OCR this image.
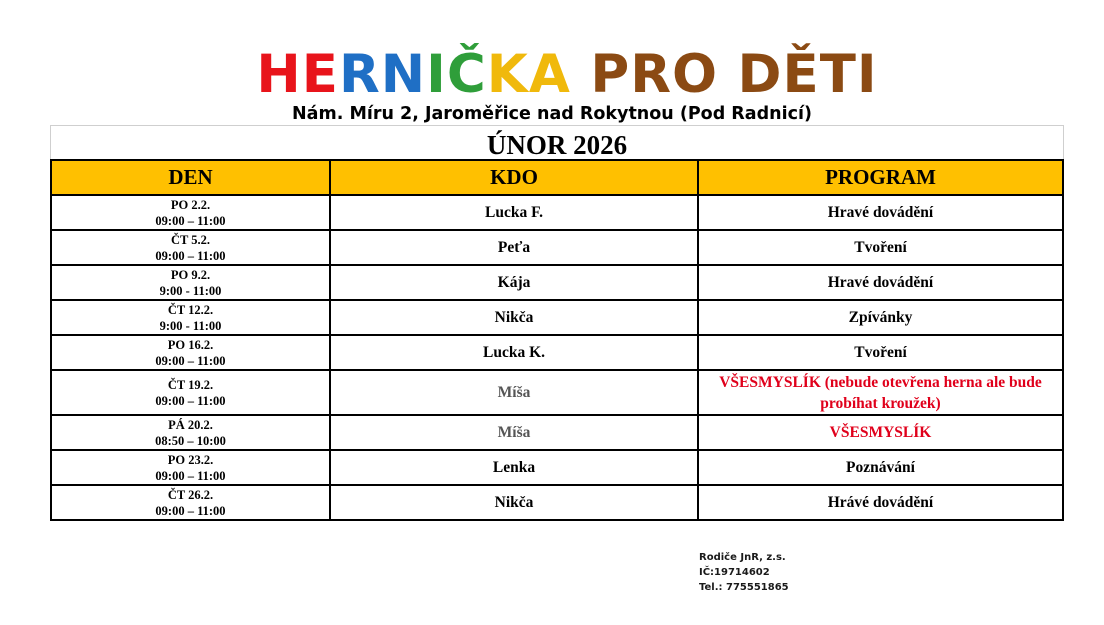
HERNIČKA PRO DĚTI
Nám. Míru 2, Jaroměřice nad Rokytnou (Pod Radnicí)
ÚNOR 2026
DEN	KDO	PROGRAM

PO 2.2.
09:00 – 11:00	Lucka F.	Hravé dovádění

ČT 5.2.
09:00 – 11:00	Peťa	Tvoření

PO 9.2.
9:00 - 11:00	Kája	Hravé dovádění

ČT 12.2.
9:00 - 11:00	Nikča	Zpívánky

PO 16.2.
09:00 – 11:00	Lucka K.	Tvoření

ČT 19.2.
09:00 – 11:00	Míša	VŠESMYSLÍK (nebude otevřena herna ale bude probíhat kroužek)

PÁ 20.2.
08:50 – 10:00	Míša	VŠESMYSLÍK

PO 23.2.
09:00 – 11:00	Lenka	Poznávání

ČT 26.2.
09:00 – 11:00	Nikča	Hrávé dovádění
Rodiče JnR, z.s.
IČ:19714602
Tel.: 775551865
